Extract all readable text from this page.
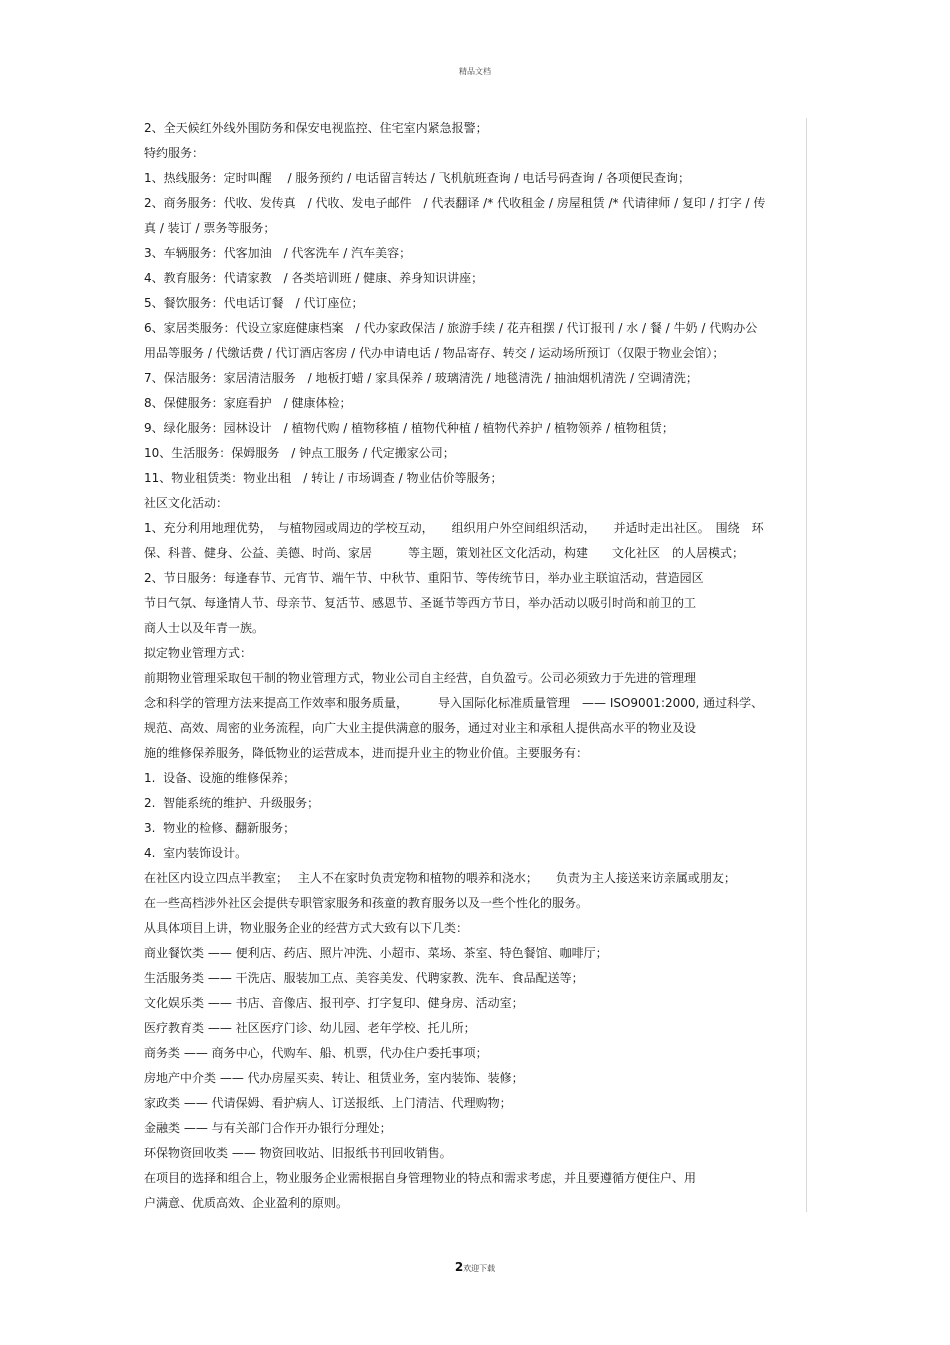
精品文档
2、全天候红外线外围防务和保安电视监控、住宅室内紧急报警；
特约服务：
1、热线服务：定时叫醒　 / 服务预约 / 电话留言转达 / 飞机航班查询 / 电话号码查询 / 各项便民查询；
2、商务服务：代收、发传真　/ 代收、发电子邮件　/ 代表翻译 /* 代收租金 / 房屋租赁 /* 代请律师 / 复印 / 打字 / 传
真 / 装订 / 票务等服务；
3、车辆服务：代客加油　/ 代客洗车 / 汽车美容；
4、教育服务：代请家教　/ 各类培训班 / 健康、养身知识讲座；
5、餐饮服务：代电话订餐　/ 代订座位；
6、家居类服务：代设立家庭健康档案　/ 代办家政保洁 / 旅游手续 / 花卉租摆 / 代订报刊 / 水 / 餐 / 牛奶 / 代购办公
用品等服务 / 代缴话费 / 代订酒店客房 / 代办申请电话 / 物品寄存、转交 / 运动场所预订（仅限于物业会馆）；
7、保洁服务：家居清洁服务　/ 地板打蜡 / 家具保养 / 玻璃清洗 / 地毯清洗 / 抽油烟机清洗 / 空调清洗；
8、保健服务：家庭看护　/ 健康体检；
9、绿化服务：园林设计　/ 植物代购 / 植物移植 / 植物代种植 / 植物代养护 / 植物领养 / 植物租赁；
10、生活服务：保姆服务　/ 钟点工服务 / 代定搬家公司；
11、物业租赁类：物业出租　/ 转让 / 市场调查 / 物业估价等服务；
社区文化活动：
1、充分利用地理优势，　与植物园或周边的学校互动，　　组织用户外空间组织活动，　　并适时走出社区。　围绕　环
保、科普、健身、公益、美德、时尚、家居　　　等主题，策划社区文化活动，构建　　文化社区　的人居模式；
2、节日服务：每逢春节、元宵节、端午节、中秋节、重阳节、等传统节日，举办业主联谊活动，营造园区
节日气氛、每逢情人节、母亲节、复活节、感恩节、圣诞节等西方节日，举办活动以吸引时尚和前卫的工
商人士以及年青一族。
拟定物业管理方式：
前期物业管理采取包干制的物业管理方式，物业公司自主经营，自负盈亏。公司必须致力于先进的管理理
念和科学的管理方法来提高工作效率和服务质量，　　　导入国际化标准质量管理　—— ISO9001:2000, 通过科学、
规范、高效、周密的业务流程，向广大业主提供满意的服务，通过对业主和承租人提供高水平的物业及设
施的维修保养服务，降低物业的运营成本，进而提升业主的物业价值。主要服务有：
1.  设备、设施的维修保养；
2.  智能系统的维护、升级服务；
3.  物业的检修、翻新服务；
4.  室内装饰设计。
在社区内设立四点半教室；　 主人不在家时负责宠物和植物的喂养和浇水；　　负责为主人接送来访亲属或朋友；
在一些高档涉外社区会提供专职管家服务和孩童的教育服务以及一些个性化的服务。
从具体项目上讲，物业服务企业的经营方式大致有以下几类：
商业餐饮类 —— 便利店、药店、照片冲洗、小超市、菜场、茶室、特色餐馆、咖啡厅；
生活服务类 —— 干洗店、服装加工点、美容美发、代聘家教、洗车、食品配送等；
文化娱乐类 —— 书店、音像店、报刊亭、打字复印、健身房、活动室；
医疗教育类 —— 社区医疗门诊、幼儿园、老年学校、托儿所；
商务类 —— 商务中心，代购车、船、机票，代办住户委托事项；
房地产中介类 —— 代办房屋买卖、转让、租赁业务，室内装饰、装修；
家政类 —— 代请保姆、看护病人、订送报纸、上门清洁、代理购物；
金融类 —— 与有关部门合作开办银行分理处；
环保物资回收类 —— 物资回收站、旧报纸书刊回收销售。
在项目的选择和组合上，物业服务企业需根据自身管理物业的特点和需求考虑，并且要遵循方便住户、用
户满意、优质高效、企业盈利的原则。
2欢迎下载
